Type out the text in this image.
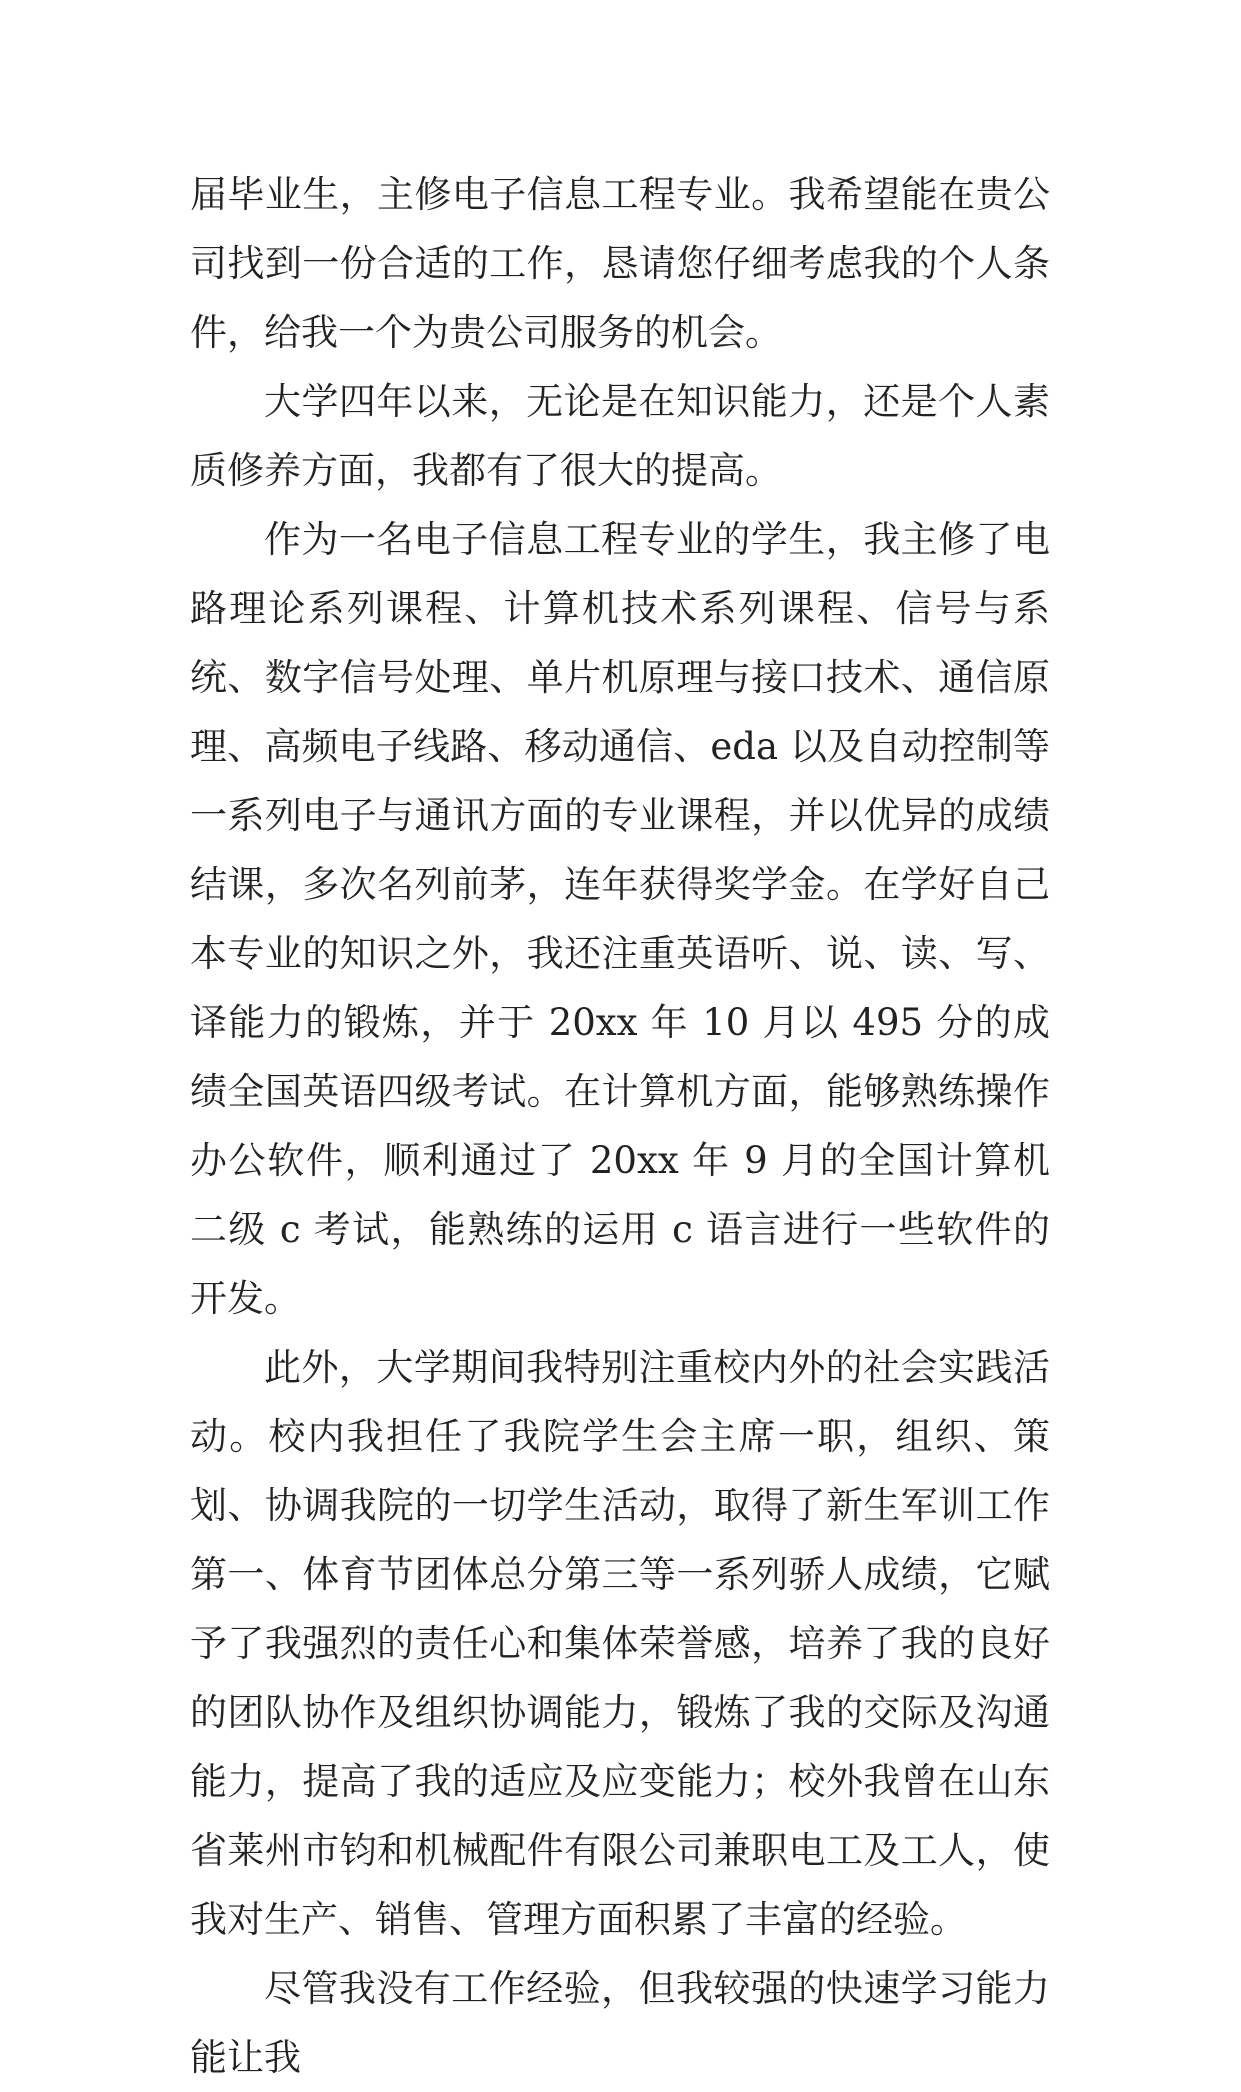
届毕业生，主修电子信息工程专业。我希望能在贵公司找到一份合适的工作，恳请您仔细考虑我的个人条件，给我一个为贵公司服务的机会。

大学四年以来，无论是在知识能力，还是个人素质修养方面，我都有了很大的提高。

作为一名电子信息工程专业的学生，我主修了电路理论系列课程、计算机技术系列课程、信号与系统、数字信号处理、单片机原理与接口技术、通信原理、高频电子线路、移动通信、eda 以及自动控制等一系列电子与通讯方面的专业课程，并以优异的成绩结课，多次名列前茅，连年获得奖学金。在学好自己本专业的知识之外，我还注重英语听、说、读、写、译能力的锻炼，并于 20xx 年 10 月以 495 分的成绩全国英语四级考试。在计算机方面，能够熟练操作办公软件，顺利通过了 20xx 年 9 月的全国计算机二级 c 考试，能熟练的运用 c 语言进行一些软件的开发。

此外，大学期间我特别注重校内外的社会实践活动。校内我担任了我院学生会主席一职，组织、策划、协调我院的一切学生活动，取得了新生军训工作第一、体育节团体总分第三等一系列骄人成绩，它赋予了我强烈的责任心和集体荣誉感，培养了我的良好的团队协作及组织协调能力，锻炼了我的交际及沟通能力，提高了我的适应及应变能力；校外我曾在山东省莱州市钧和机械配件有限公司兼职电工及工人，使我对生产、销售、管理方面积累了丰富的经验。

尽管我没有工作经验，但我较强的快速学习能力能让我
